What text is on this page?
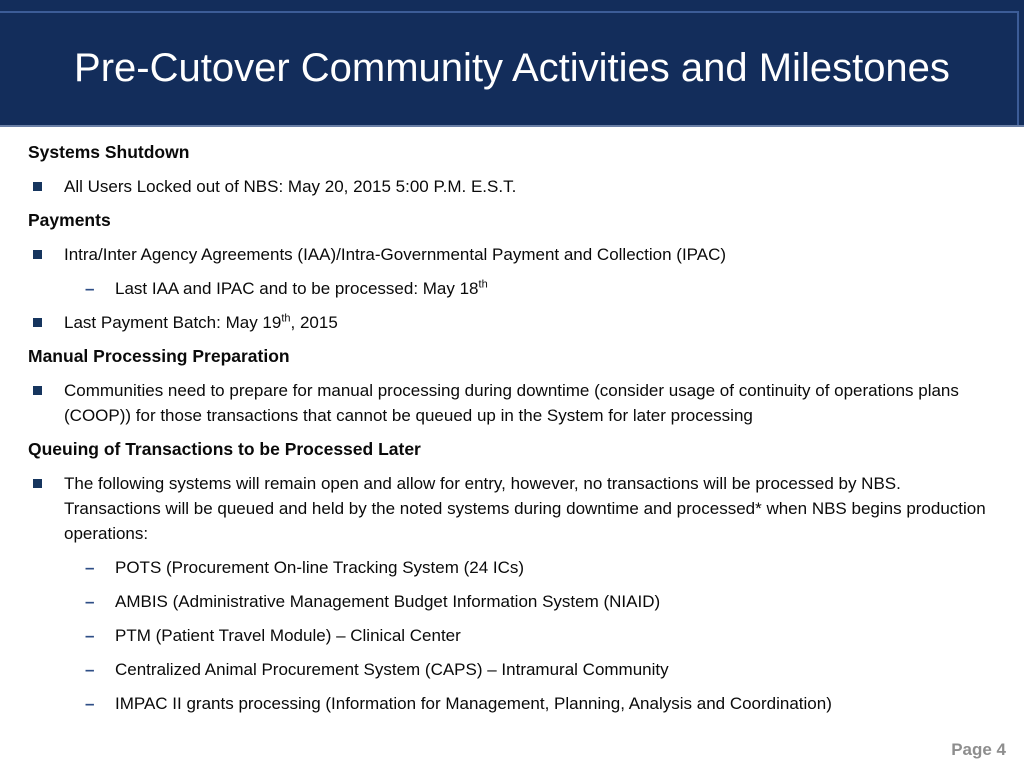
Pre-Cutover Community Activities and Milestones
Systems Shutdown
All Users Locked out of NBS: May 20, 2015 5:00 P.M. E.S.T.
Payments
Intra/Inter Agency Agreements (IAA)/Intra-Governmental Payment and Collection (IPAC)
– Last IAA and IPAC and to be processed: May 18th
Last Payment Batch: May 19th, 2015
Manual Processing Preparation
Communities need to prepare for manual processing during downtime (consider usage of continuity of operations plans (COOP)) for those transactions that cannot be queued up in the System for later processing
Queuing of Transactions to be Processed Later
The following systems will remain open and allow for entry, however, no transactions will be processed by NBS. Transactions will be queued and held by the noted systems during downtime and processed* when NBS begins production operations:
– POTS (Procurement On-line Tracking System (24 ICs)
– AMBIS (Administrative Management Budget Information System (NIAID)
– PTM (Patient Travel Module) – Clinical Center
– Centralized Animal Procurement System (CAPS) – Intramural Community
– IMPAC II grants processing (Information for Management, Planning, Analysis and Coordination)
Page 4
